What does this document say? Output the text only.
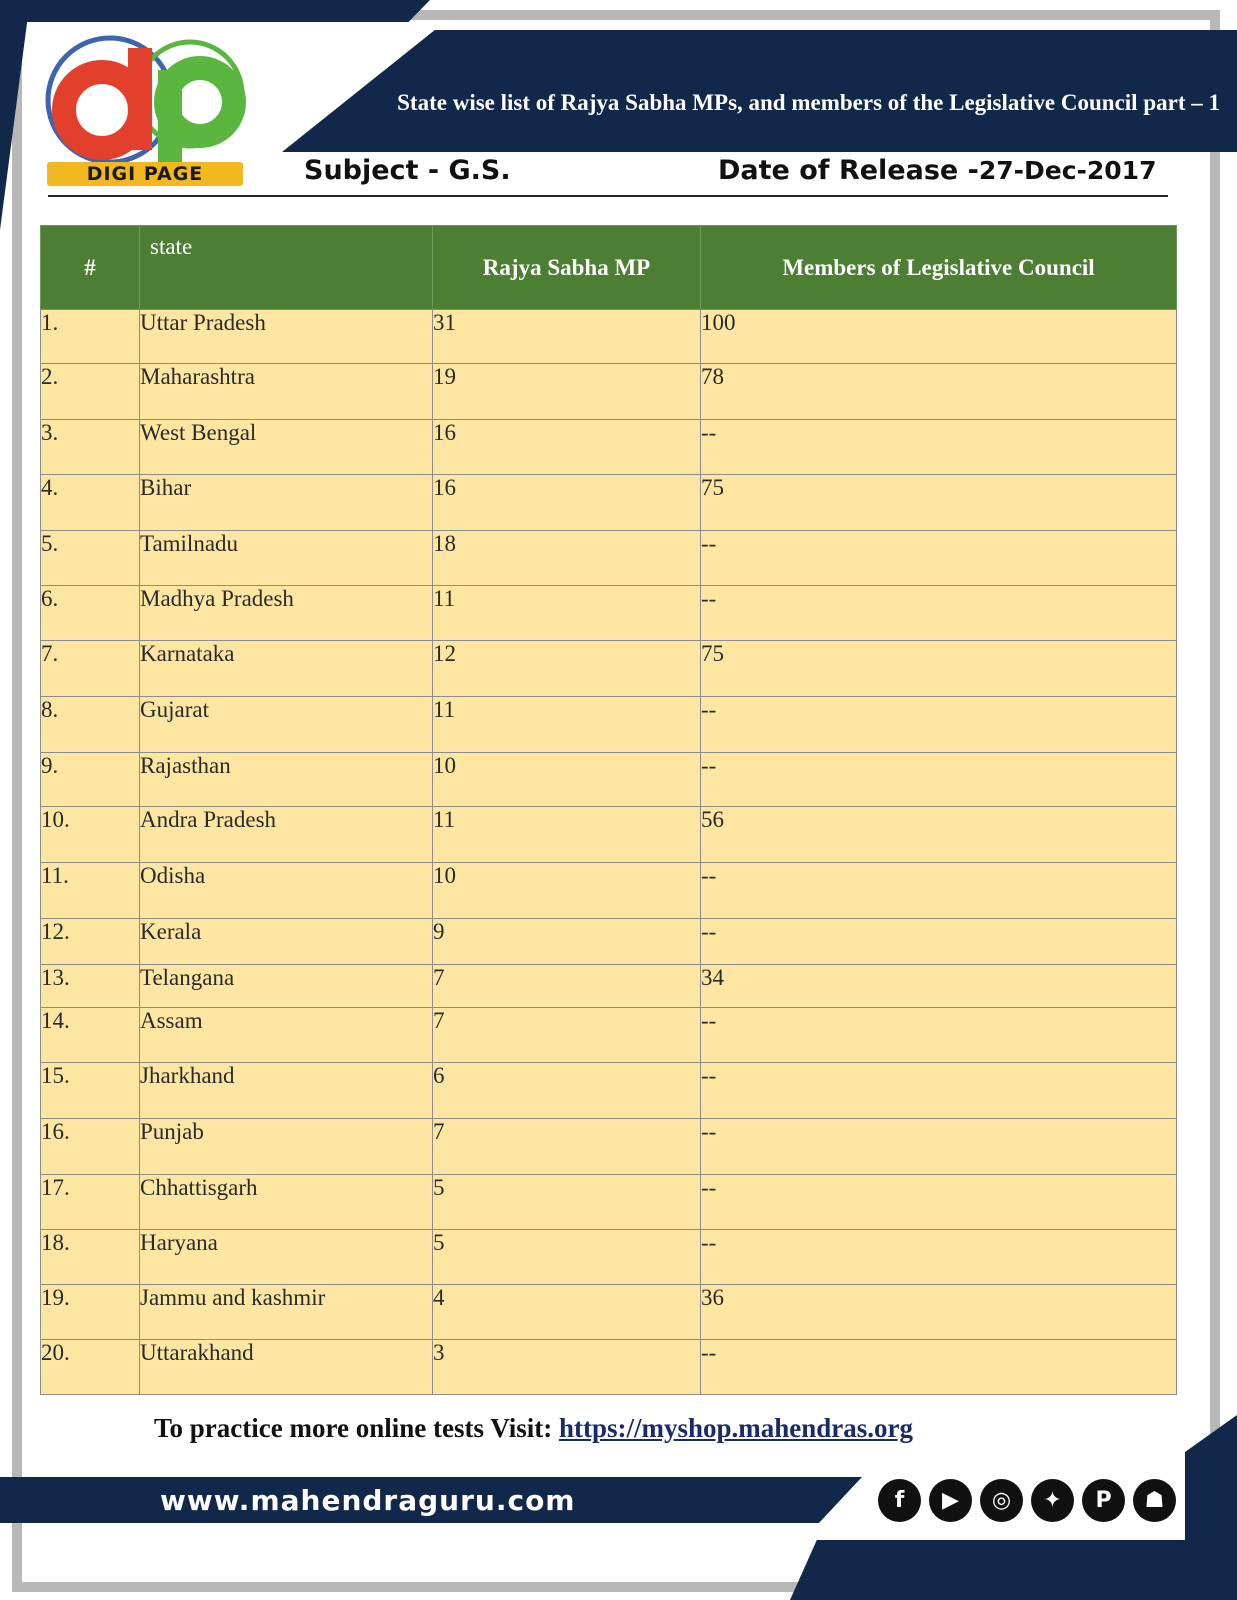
State wise list of Rajya Sabha MPs, and members of the Legislative Council part – 1
DIGI PAGE	Subject - G.S.	Date of Release -27-Dec-2017
#	state	Rajya Sabha MP	Members of Legislative Council
1.	Uttar Pradesh	31	100
2.	Maharashtra	19	78
3.	West Bengal	16	--
4.	Bihar	16	75
5.	Tamilnadu	18	--
6.	Madhya Pradesh	11	--
7.	Karnataka	12	75
8.	Gujarat	11	--
9.	Rajasthan	10	--
10.	Andra Pradesh	11	56
11.	Odisha	10	--
12.	Kerala	9	--
13.	Telangana	7	34
14.	Assam	7	--
15.	Jharkhand	6	--
16.	Punjab	7	--
17.	Chhattisgarh	5	--
18.	Haryana	5	--
19.	Jammu and kashmir	4	36
20.	Uttarakhand	3	--
To practice more online tests Visit: https://myshop.mahendras.org
www.mahendraguru.com	f	▶	◎	✦	P	☗
